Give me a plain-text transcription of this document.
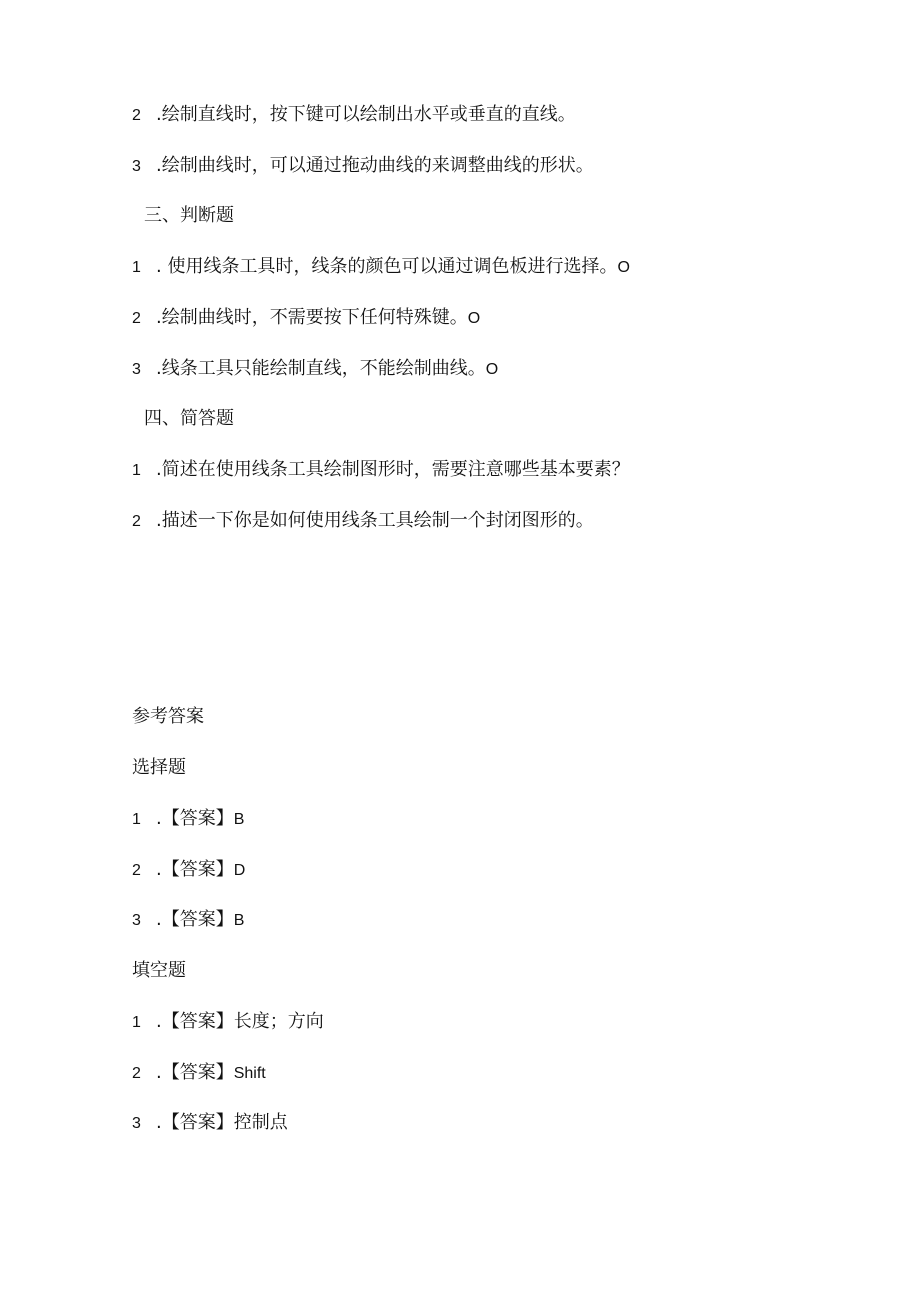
2 .绘制直线时，按下键可以绘制出水平或垂直的直线。
3 .绘制曲线时，可以通过拖动曲线的来调整曲线的形状。
三、判断题
1 . 使用线条工具时，线条的颜色可以通过调色板进行选择。O
2 .绘制曲线时，不需要按下任何特殊键。O
3 .线条工具只能绘制直线，不能绘制曲线。O
四、简答题
1 .简述在使用线条工具绘制图形时，需要注意哪些基本要素？
2 .描述一下你是如何使用线条工具绘制一个封闭图形的。
参考答案
选择题
1 .【答案】B
2 .【答案】D
3 .【答案】B
填空题
1 .【答案】长度；方向
2 .【答案】Shift
3 .【答案】控制点
